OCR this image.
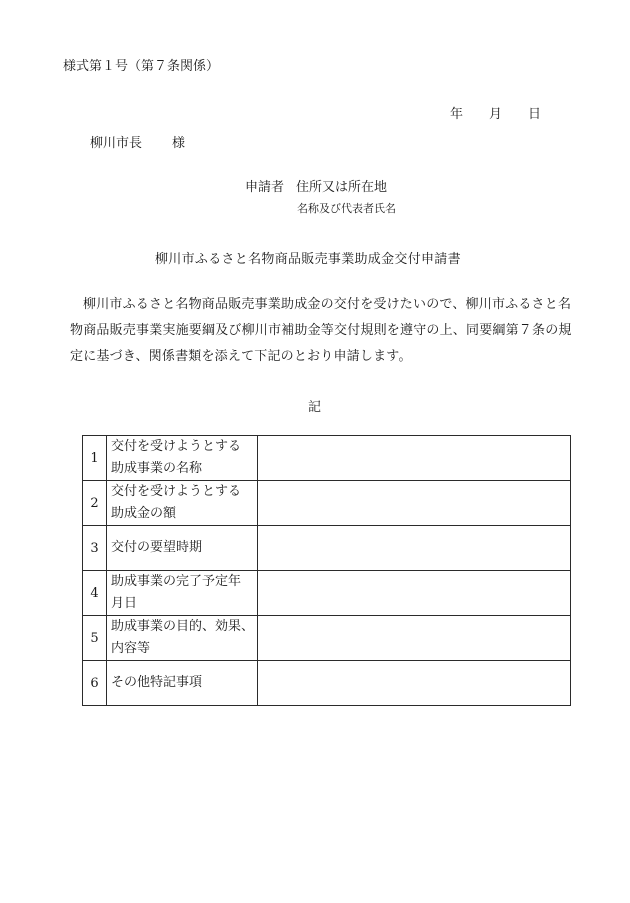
様式第１号（第７条関係）
年 月 日
柳川市長 様
申請者 住所又は所在地
名称及び代表者氏名
柳川市ふるさと名物商品販売事業助成金交付申請書
柳川市ふるさと名物商品販売事業助成金の交付を受けたいので、柳川市ふるさと名物商品販売事業実施要綱及び柳川市補助金等交付規則を遵守の上、同要綱第７条の規定に基づき、関係書類を添えて下記のとおり申請します。
記
1	交付を受けようとする
助成事業の名称	

2	交付を受けようとする
助成金の額	

3	交付の要望時期	

4	助成事業の完了予定年
月日	

5	助成事業の目的、効果、
内容等	

6	その他特記事項	
